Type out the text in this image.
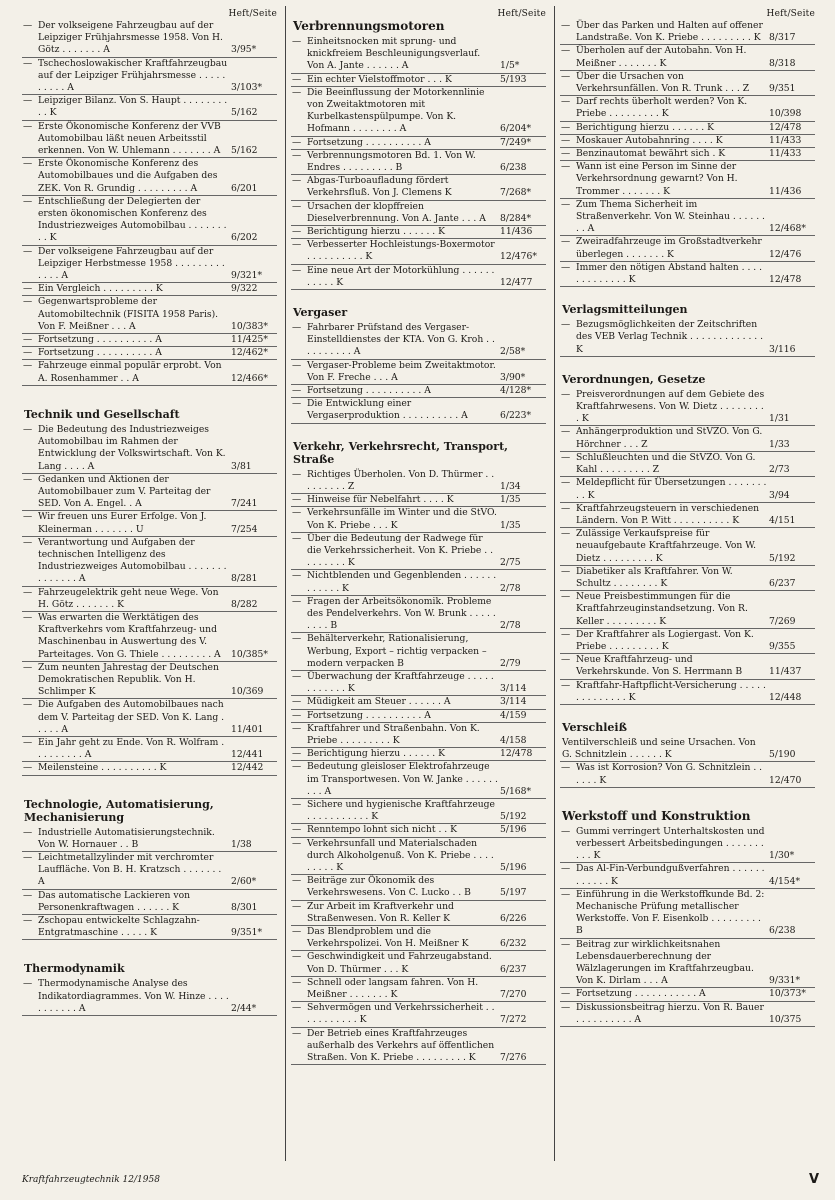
Heft/Seite
— Der volkseigene Fahrzeugbau auf der Leipziger Frühjahrsmesse 1958. Von H. Götz . . . . . . . A	3/95*
— Tschechoslowakischer Kraftfahrzeugbau auf der Leipziger Frühjahrsmesse . . . . . . . . . . A	3/103*
— Leipziger Bilanz. Von S. Haupt . . . . . . . . . . K	5/162
— Erste Ökonomische Konferenz der VVB Automobilbau läßt neuen Arbeitsstil erkennen. Von W. Uhlemann . . . . . . . A	5/162
— Erste Ökonomische Konferenz des Automobilbaues und die Aufgaben des ZEK. Von R. Grundig . . . . . . . . . A	6/201
— Entschließung der Delegierten der ersten ökonomischen Konferenz des Industriezweiges Automobilbau . . . . . . . . . K	6/202
— Der volkseigene Fahrzeugbau auf der Leipziger Herbstmesse 1958 . . . . . . . . . . . . . A	9/321*
— Ein Vergleich . . . . . . . . . K	9/322
— Gegenwartsprobleme der Automobiltechnik (FISITA 1958 Paris). Von F. Meißner . . . A	10/383*
— Fortsetzung . . . . . . . . . . A	11/425*
— Fortsetzung . . . . . . . . . . A	12/462*
— Fahrzeuge einmal populär erprobt. Von A. Rosenhammer . . A	12/466*
Technik und Gesellschaft
— Die Bedeutung des Industriezweiges Automobilbau im Rahmen der Entwicklung der Volkswirtschaft. Von K. Lang . . . . A	3/81
— Gedanken und Aktionen der Automobilbauer zum V. Parteitag der SED. Von A. Engel. . A	7/241
— Wir freuen uns Eurer Erfolge. Von J. Kleinerman . . . . . . . U	7/254
— Verantwortung und Aufgaben der technischen Intelligenz des Industriezweiges Automobilbau . . . . . . . . . . . . . . A	8/281
— Fahrzeugelektrik geht neue Wege. Von H. Götz . . . . . . . K	8/282
— Was erwarten die Werktätigen des Kraftverkehrs vom Kraftfahrzeug- und Maschinenbau in Auswertung des V. Parteitages. Von G. Thiele . . . . . . . . . A	10/385*
— Zum neunten Jahrestag der Deutschen Demokratischen Republik. Von H. Schlimper K	10/369
— Die Aufgaben des Automobilbaues nach dem V. Parteitag der SED. Von K. Lang . . . . . A	11/401
— Ein Jahr geht zu Ende. Von R. Wolfram . . . . . . . . . A	12/441
— Meilensteine . . . . . . . . . . K	12/442
Technologie, Automatisierung, Mechanisierung
— Industrielle Automatisierungstechnik. Von W. Hornauer . . B	1/38
— Leichtmetallzylinder mit verchromter Lauffläche. Von B. H. Kratzsch . . . . . . . A	2/60*
— Das automatische Lackieren von Personenkraftwagen . . . . . . K	8/301
— Zschopau entwickelte Schlagzahn-Entgratmaschine . . . . . K	9/351*
Thermodynamik
— Thermodynamische Analyse des Indikatordiagrammes. Von W. Hinze . . . . . . . . . . . A	2/44*
Heft/Seite
Verbrennungsmotoren
— Einheitsnocken mit sprung- und knickfreiem Beschleunigungsverlauf. Von A. Jante . . . . . . A	1/5*
— Ein echter Vielstoffmotor . . . K	5/193
— Die Beeinflussung der Motorkennlinie von Zweitaktmotoren mit Kurbelkastenspülpumpe. Von K. Hofmann . . . . . . . . A	6/204*
— Fortsetzung . . . . . . . . . . A	7/249*
— Verbrennungsmotoren Bd. 1. Von W. Endres . . . . . . . . . B	6/238
— Abgas-Turboaufladung fördert Verkehrsfluß. Von J. Clemens K	7/268*
— Ursachen der klopffreien Dieselverbrennung. Von A. Jante . . . A	8/284*
— Berichtigung hierzu . . . . . . K	11/436
— Verbesserter Hochleistungs-Boxermotor . . . . . . . . . . K	12/476*
— Eine neue Art der Motorkühlung . . . . . . . . . . . K	12/477
Vergaser
— Fahrbarer Prüfstand des Vergaser-Einstelldienstes der KTA. Von G. Kroh . . . . . . . . . . A	2/58*
— Vergaser-Probleme beim Zweitaktmotor. Von F. Freche . . . A	3/90*
— Fortsetzung . . . . . . . . . . A	4/128*
— Die Entwicklung einer Vergaserproduktion . . . . . . . . . . A	6/223*
Verkehr, Verkehrsrecht, Transport, Straße
— Richtiges Überholen. Von D. Thürmer . . . . . . . . . Z	1/34
— Hinweise für Nebelfahrt . . . . K	1/35
— Verkehrsunfälle im Winter und die StVO. Von K. Priebe . . . K	1/35
— Über die Bedeutung der Radwege für die Verkehrssicherheit. Von K. Priebe . . . . . . . . . K	2/75
— Nichtblenden und Gegenblenden . . . . . . . . . . . . K	2/78
— Fragen der Arbeitsökonomik. Probleme des Pendelverkehrs. Von W. Brunk . . . . . . . . . B	2/78
— Behälterverkehr, Rationalisierung, Werbung, Export – richtig verpacken – modern verpacken B	2/79
— Überwachung der Kraftfahrzeuge . . . . . . . . . . . . K	3/114
— Müdigkeit am Steuer . . . . . . A	3/114
— Fortsetzung . . . . . . . . . . A	4/159
— Kraftfahrer und Straßenbahn. Von K. Priebe . . . . . . . . . K	4/158
— Berichtigung hierzu . . . . . . K	12/478
— Bedeutung gleisloser Elektrofahrzeuge im Transportwesen. Von W. Janke . . . . . . . . . A	5/168*
— Sichere und hygienische Kraftfahrzeuge . . . . . . . . . . . K	5/192
— Renntempo lohnt sich nicht . . K	5/196
— Verkehrsunfall und Materialschaden durch Alkoholgenuß. Von K. Priebe . . . . . . . . . K	5/196
— Beiträge zur Ökonomik des Verkehrswesens. Von C. Lucko . . B	5/197
— Zur Arbeit im Kraftverkehr und Straßenwesen. Von R. Keller K	6/226
— Das Blendproblem und die Verkehrspolizei. Von H. Meißner K	6/232
— Geschwindigkeit und Fahrzeugabstand. Von D. Thürmer . . . K	6/237
— Schnell oder langsam fahren. Von H. Meißner . . . . . . . K	7/270
— Sehvermögen und Verkehrssicherheit . . . . . . . . . . . K	7/272
— Der Betrieb eines Kraftfahrzeuges außerhalb des Verkehrs auf öffentlichen Straßen. Von K. Priebe . . . . . . . . . K	7/276
Heft/Seite
— Über das Parken und Halten auf offener Landstraße. Von K. Priebe . . . . . . . . . K 8/317
— Überholen auf der Autobahn. Von H. Meißner . . . . . . . K	8/318
— Über die Ursachen von Verkehrsunfällen. Von R. Trunk . . . Z	9/351
— Darf rechts überholt werden? Von K. Priebe . . . . . . . . . K	10/398
— Berichtigung hierzu . . . . . . K	12/478
— Moskauer Autobahnring . . . . K	11/433
— Benzinautomat bewährt sich . K	11/433
— Wann ist eine Person im Sinne der Verkehrsordnung gewarnt? Von H. Trommer . . . . . . . K	11/436
— Zum Thema Sicherheit im Straßenverkehr. Von W. Steinhau . . . . . . . . A	12/468*
— Zweiradfahrzeuge im Großstadtverkehr überlegen . . . . . . . K	12/476
— Immer den nötigen Abstand halten . . . . . . . . . . . . . K	12/478
Verlagsmitteilungen
— Bezugsmöglichkeiten der Zeitschriften des VEB Verlag Technik . . . . . . . . . . . . . K	3/116
Verordnungen, Gesetze
— Preisverordnungen auf dem Gebiete des Kraftfahrwesens. Von W. Dietz . . . . . . . . . K	1/31
— Anhängerproduktion und StVZO. Von G. Hörchner . . . Z	1/33
— Schlußleuchten und die StVZO. Von G. Kahl . . . . . . . . . Z	2/73
— Meldepflicht für Übersetzungen . . . . . . . . . K	3/94
— Kraftfahrzeugsteuern in verschiedenen Ländern. Von P. Witt . . . . . . . . . . K	4/151
— Zulässige Verkaufspreise für neuaufgebaute Kraftfahrzeuge. Von W. Dietz . . . . . . . . . K	5/192
— Diabetiker als Kraftfahrer. Von W. Schultz . . . . . . . . K	6/237
— Neue Preisbestimmungen für die Kraftfahrzeuginstandsetzung. Von R. Keller . . . . . . . . . K	7/269
— Der Kraftfahrer als Logiergast. Von K. Priebe . . . . . . . . . K	9/355
— Neue Kraftfahrzeug- und Verkehrskunde. Von S. Herrmann B	11/437
— Kraftfahr-Haftpflicht-Versicherung . . . . . . . . . . . . . . K	12/448
Verschleiß
Ventilverschleiß und seine Ursachen. Von G. Schnitzlein . . . . . . K	5/190
— Was ist Korrosion? Von G. Schnitzlein . . . . . . K	12/470
Werkstoff und Konstruktion
— Gummi verringert Unterhaltskosten und verbessert Arbeitsbedingungen . . . . . . . . . . K	1/30*
— Das Al-Fin-Verbundgußverfahren . . . . . . . . . . . . K	4/154*
— Einführung in die Werkstoffkunde Bd. 2: Mechanische Prüfung metallischer Werkstoffe. Von F. Eisenkolb . . . . . . . . . B	6/238
— Beitrag zur wirklichkeitsnahen Lebensdauerberechnung der Wälzlagerungen im Kraftfahrzeugbau. Von K. Dirlam . . . A	9/331*
— Fortsetzung . . . . . . . . . . . A	10/373*
— Diskussionsbeitrag hierzu. Von R. Bauer . . . . . . . . . . A	10/375
Kraftfahrzeugtechnik 12/1958	V
